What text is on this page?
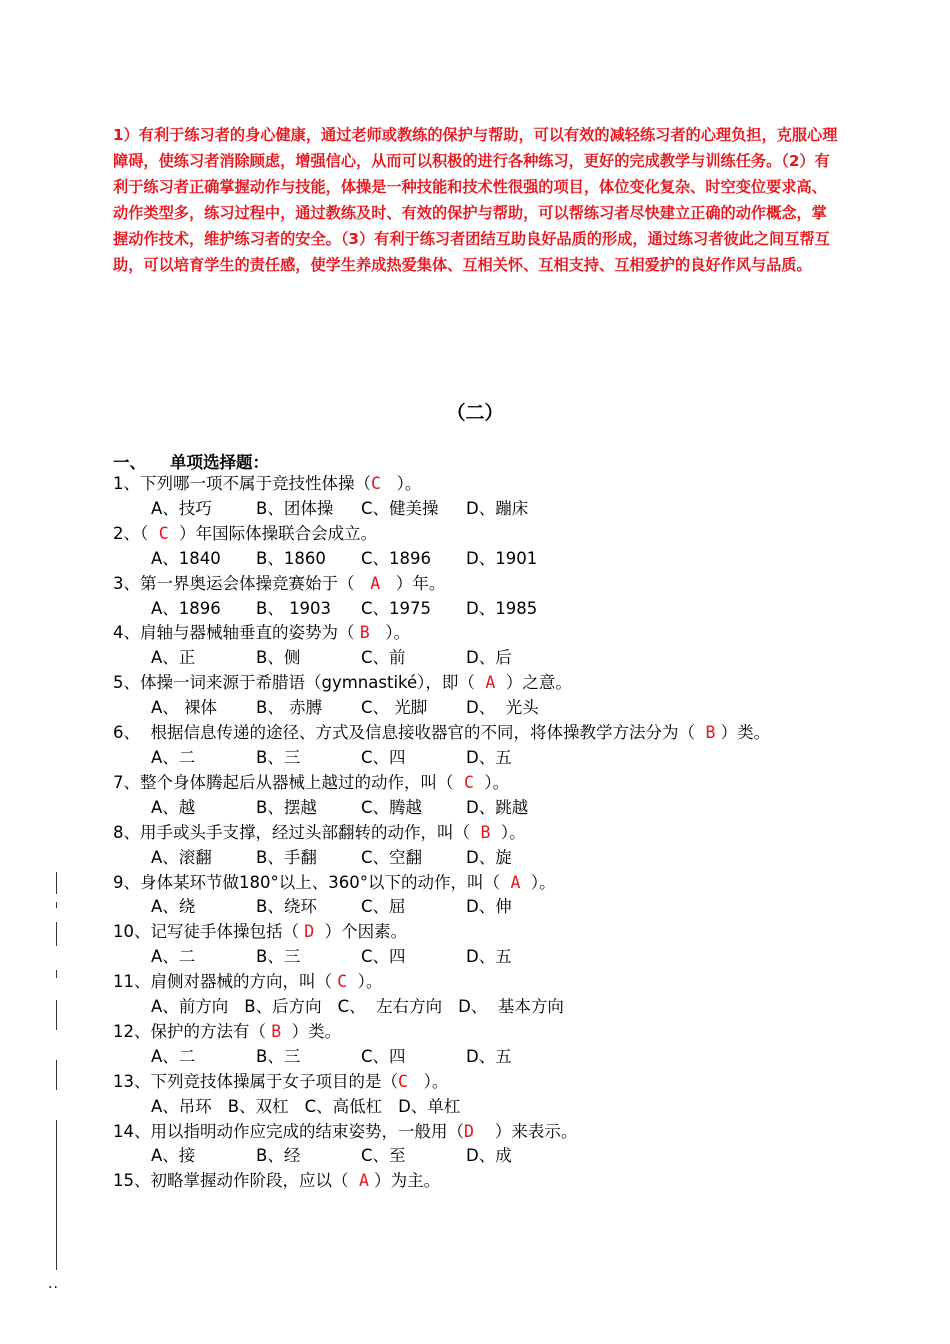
1）有利于练习者的身心健康，通过老师或教练的保护与帮助，可以有效的减轻练习者的心理负担，克服心理障碍，使练习者消除顾虑，增强信心，从而可以积极的进行各种练习，更好的完成教学与训练任务。（2）有利于练习者正确掌握动作与技能，体操是一种技能和技术性很强的项目，体位变化复杂、时空变位要求高、动作类型多，练习过程中，通过教练及时、有效的保护与帮助，可以帮练习者尽快建立正确的动作概念，掌握动作技术，维护练习者的安全。（3）有利于练习者团结互助良好品质的形成，通过练习者彼此之间互帮互助，可以培育学生的责任感，使学生养成热爱集体、互相关怀、互相支持、互相爱护的良好作风与品质。
（二）
一、 单项选择题：
1、下列哪一项不属于竞技性体操（C   ）。
A、技巧	B、团体操 C、健美操 D、蹦床
2、（  C  ）年国际体操联合会成立。
A、1840 B、1860 C、1896 D、1901
3、第一界奥运会体操竞赛始于（   A   ）年。
A、1896 B、 1903 C、1975 D、1985
4、肩轴与器械轴垂直的姿势为（ B   ）。
A、正	B、侧	C、前	D、后
5、体操一词来源于希腊语（gymnastiké），即（  A  ）之意。
A、 裸体 B、 赤膊 C、 光脚 D、  光头
6、  根据信息传递的途径、方式及信息接收器官的不同，将体操教学方法分为（  B ）类。
A、二	B、三	C、四	D、五
7、整个身体腾起后从器械上越过的动作，叫（  C  ）。
A、越	B、摆越	C、腾越	D、跳越
8、用手或头手支撑，经过头部翻转的动作，叫（  B  ）。
A、滚翻	B、手翻	C、空翻	D、旋
9、身体某环节做180°以上、360°以下的动作，叫（  A  ）。
A、绕	B、绕环	C、屈	D、伸
10、记写徒手体操包括（ D  ）个因素。
A、二	B、三	C、四	D、五
11、肩侧对器械的方向，叫（ C  ）。
A、前方向 B、后方向 C、  左右方向 D、  基本方向
12、保护的方法有（ B  ）类。
A、二	B、三	C、四	D、五
13、下列竞技体操属于女子项目的是（C   ）。
A、吊环 B、双杠 C、高低杠 D、单杠
14、用以指明动作应完成的结束姿势，一般用（D    ）来表示。
A、接	B、经	C、至	D、成
15、初略掌握动作阶段，应以（  A ）为主。
..
